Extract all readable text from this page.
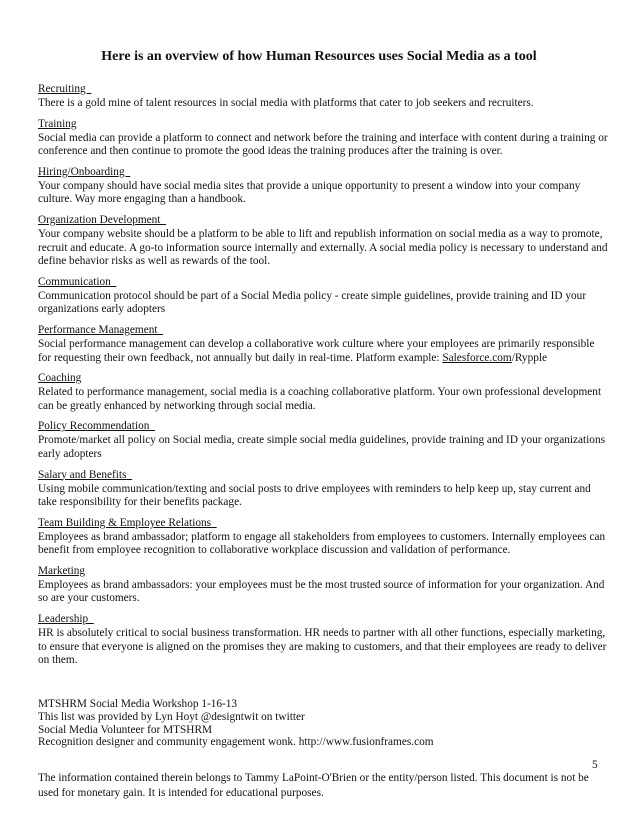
Here is an overview of how Human Resources uses Social Media as a tool
Recruiting
There is a gold mine of talent resources in social media with platforms that cater to job seekers and recruiters.
Training
Social media can provide a platform to connect and network before the training and interface with content during a training or conference and then continue to promote the good ideas the training produces after the training is over.
Hiring/Onboarding
Your company should have social media sites that provide a unique opportunity to present a window into your company culture. Way more engaging than a handbook.
Organization Development
Your company website should be a platform to be able to lift and republish information on social media as a way to promote, recruit and educate. A go-to information source internally and externally. A social media policy is necessary to understand and define behavior risks as well as rewards of the tool.
Communication
Communication protocol should be part of a Social Media policy - create simple guidelines, provide training and ID your organizations early adopters
Performance Management
Social performance management can develop a collaborative work culture where your employees are primarily responsible for requesting their own feedback, not annually but daily in real-time. Platform example: Salesforce.com/Rypple
Coaching
Related to performance management, social media is a coaching collaborative platform. Your own professional development can be greatly enhanced by networking through social media.
Policy Recommendation
Promote/market all policy on Social media, create simple social media guidelines, provide training and ID your organizations early adopters
Salary and Benefits
Using mobile communication/texting and social posts to drive employees with reminders to help keep up, stay current and take responsibility for their benefits package.
Team Building & Employee Relations
Employees as brand ambassador; platform to engage all stakeholders from employees to customers. Internally employees can benefit from employee recognition to collaborative workplace discussion and validation of performance.
Marketing
Employees as brand ambassadors: your employees must be the most trusted source of information for your organization. And so are your customers.
Leadership
HR is absolutely critical to social business transformation. HR needs to partner with all other functions, especially marketing, to ensure that everyone is aligned on the promises they are making to customers, and that their employees are ready to deliver on them.
MTSHRM Social Media Workshop 1-16-13
This list was provided by Lyn Hoyt @designtwit on twitter
Social Media Volunteer for MTSHRM
Recognition designer and community engagement wonk. http://www.fusionframes.com
5
The information contained therein belongs to Tammy LaPoint-O'Brien or the entity/person listed. This document is not be used for monetary gain. It is intended for educational purposes.
